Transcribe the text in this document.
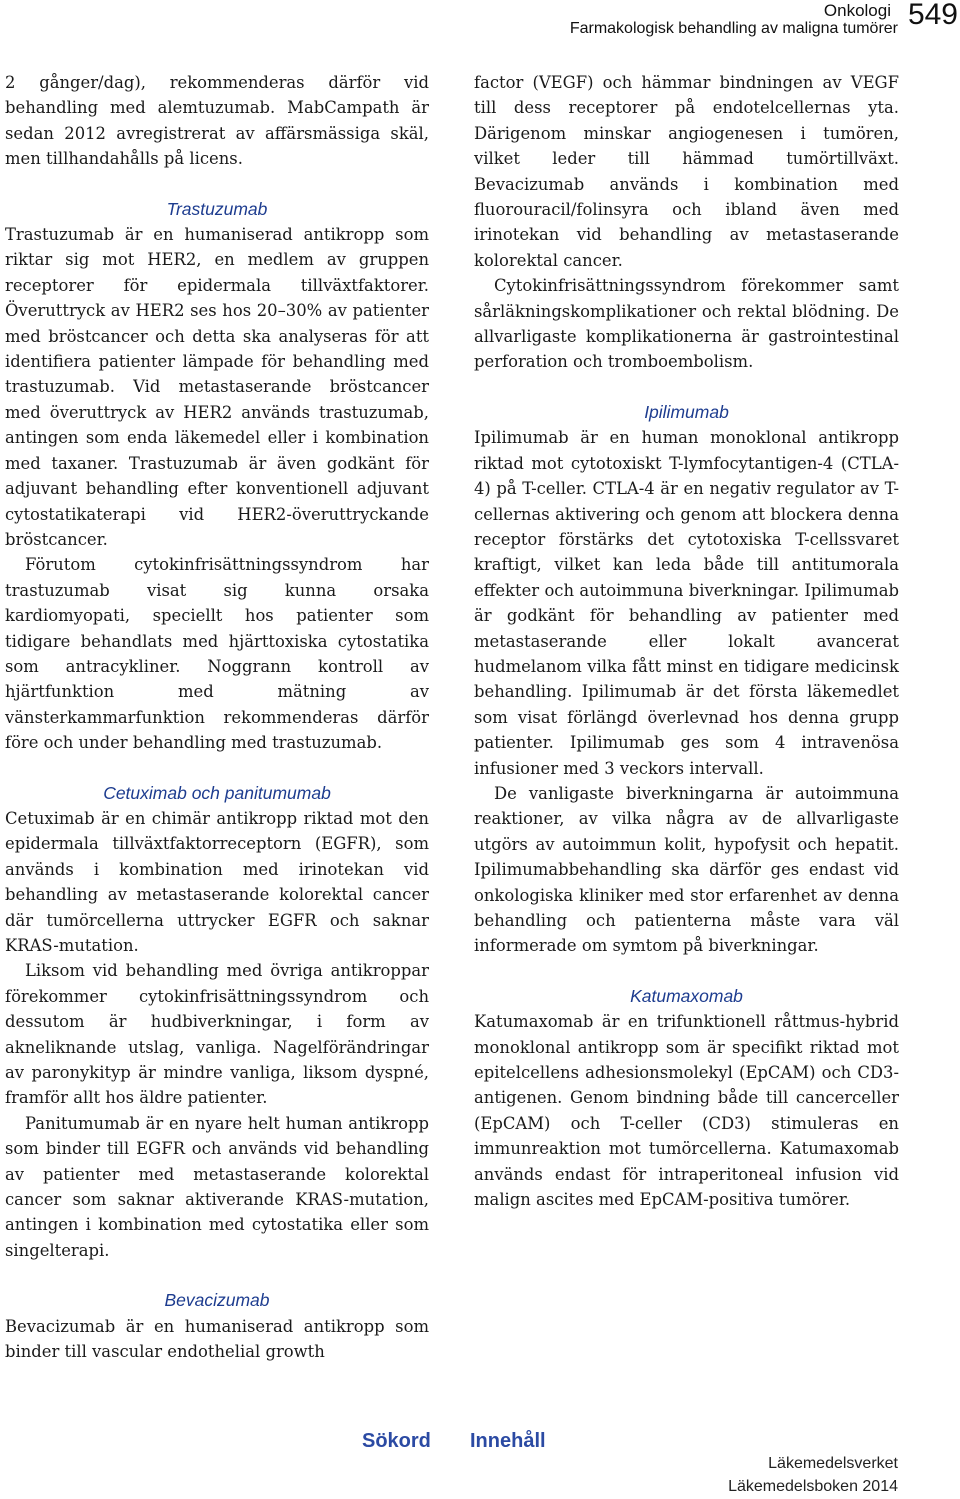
Onkologi
Farmakologisk behandling av maligna tumörer 549

2 gånger/dag), rekommenderas därför vid behandling med alemtuzumab. MabCampath är sedan 2012 avregistrerat av affärsmässiga skäl, men tillhandahålls på licens.

Trastuzumab

Trastuzumab är en humaniserad antikropp som riktar sig mot HER2, en medlem av gruppen receptorer för epidermala tillväxtfaktorer. Överuttryck av HER2 ses hos 20–30% av patienter med bröstcancer och detta ska analyseras för att identifiera patienter lämpade för behandling med trastuzumab. Vid metastaserande bröstcancer med överuttryck av HER2 används trastuzumab, antingen som enda läkemedel eller i kombination med taxaner. Trastuzumab är även godkänt för adjuvant behandling efter konventionell adjuvant cytostatikaterapi vid HER2-överuttryckande bröstcancer.

Förutom cytokinfrisättningssyndrom har trastuzumab visat sig kunna orsaka kardiomyopati, speciellt hos patienter som tidigare behandlats med hjärttoxiska cytostatika som antracykliner. Noggrann kontroll av hjärtfunktion med mätning av vänsterkammarfunktion rekommenderas därför före och under behandling med trastuzumab.

Cetuximab och panitumumab

Cetuximab är en chimär antikropp riktad mot den epidermala tillväxtfaktorreceptorn (EGFR), som används i kombination med irinotekan vid behandling av metastaserande kolorektal cancer där tumörcellerna uttrycker EGFR och saknar KRAS-mutation.

Liksom vid behandling med övriga antikroppar förekommer cytokinfrisättningssyndrom och dessutom är hudbiverkningar, i form av akneliknande utslag, vanliga. Nagelförändringar av paronykityp är mindre vanliga, liksom dyspné, framför allt hos äldre patienter.

Panitumumab är en nyare helt human antikropp som binder till EGFR och används vid behandling av patienter med metastaserande kolorektal cancer som saknar aktiverande KRAS-mutation, antingen i kombination med cytostatika eller som singelterapi.

Bevacizumab

Bevacizumab är en humaniserad antikropp som binder till vascular endothelial growth

factor (VEGF) och hämmar bindningen av VEGF till dess receptorer på endotelcellernas yta. Därigenom minskar angiogenesen i tumören, vilket leder till hämmad tumörtillväxt. Bevacizumab används i kombination med fluorouracil/folinsyra och ibland även med irinotekan vid behandling av metastaserande kolorektal cancer.

Cytokinfrisättningssyndrom förekommer samt sårläkningskomplikationer och rektal blödning. De allvarligaste komplikationerna är gastrointestinal perforation och tromboembolism.

Ipilimumab

Ipilimumab är en human monoklonal antikropp riktad mot cytotoxiskt T-lymfocytantigen-4 (CTLA-4) på T-celler. CTLA-4 är en negativ regulator av T-cellernas aktivering och genom att blockera denna receptor förstärks det cytotoxiska T-cellssvaret kraftigt, vilket kan leda både till antitumorala effekter och autoimmuna biverkningar. Ipilimumab är godkänt för behandling av patienter med metastaserande eller lokalt avancerat hudmelanom vilka fått minst en tidigare medicinsk behandling. Ipilimumab är det första läkemedlet som visat förlängd överlevnad hos denna grupp patienter. Ipilimumab ges som 4 intravenösa infusioner med 3 veckors intervall.

De vanligaste biverkningarna är autoimmuna reaktioner, av vilka några av de allvarligaste utgörs av autoimmun kolit, hypofysit och hepatit. Ipilimumabbehandling ska därför ges endast vid onkologiska kliniker med stor erfarenhet av denna behandling och patienterna måste vara väl informerade om symtom på biverkningar.

Katumaxomab

Katumaxomab är en trifunktionell råttmus-hybrid monoklonal antikropp som är specifikt riktad mot epitelcellens adhesionsmolekyl (EpCAM) och CD3-antigenen. Genom bindning både till cancerceller (EpCAM) och T-celler (CD3) stimuleras en immunreaktion mot tumörcellerna. Katumaxomab används endast för intraperitoneal infusion vid malign ascites med EpCAM-positiva tumörer.

Sökord Innehåll
Läkemedelsverket
Läkemedelsboken 2014
